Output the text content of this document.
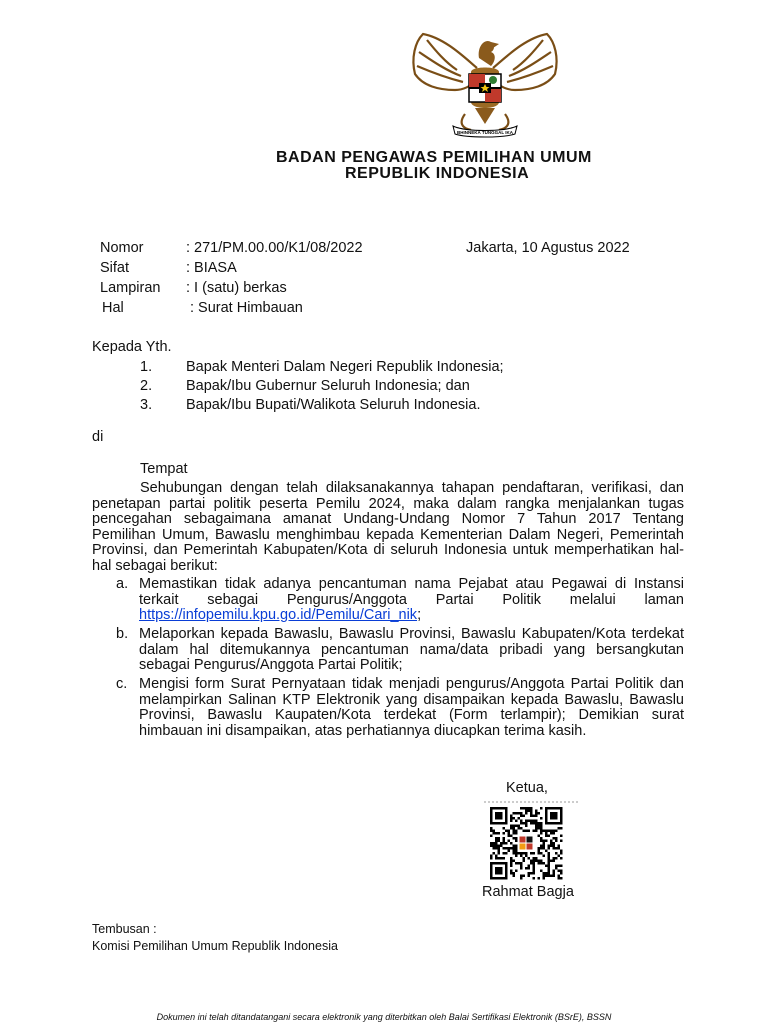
BHINNEKA TUNGGAL IKA
BADAN PENGAWAS PEMILIHAN UMUM
REPUBLIK INDONESIA
Nomor	: 271/PM.00.00/K1/08/2022	Jakarta, 10 Agustus 2022
Sifat	: BIASA
Lampiran : I (satu) berkas
Hal	: Surat Himbauan
Kepada Yth.
1. Bapak Menteri Dalam Negeri Republik Indonesia;
2. Bapak/Ibu Gubernur Seluruh Indonesia; dan
3. Bapak/Ibu Bupati/Walikota Seluruh Indonesia.
di
Tempat
Sehubungan dengan telah dilaksanakannya tahapan pendaftaran, verifikasi, dan penetapan partai politik peserta Pemilu 2024, maka dalam rangka menjalankan tugas pencegahan sebagaimana amanat Undang-Undang Nomor 7 Tahun 2017 Tentang Pemilihan Umum, Bawaslu menghimbau kepada Kementerian Dalam Negeri, Pemerintah Provinsi, dan Pemerintah Kabupaten/Kota di seluruh Indonesia untuk memperhatikan hal-hal sebagai berikut:
a. Memastikan tidak adanya pencantuman nama Pejabat atau Pegawai di Instansi terkait sebagai Pengurus/Anggota Partai Politik melalui laman https://infopemilu.kpu.go.id/Pemilu/Cari_nik;
b. Melaporkan kepada Bawaslu, Bawaslu Provinsi, Bawaslu Kabupaten/Kota terdekat dalam hal ditemukannya pencantuman nama/data pribadi yang bersangkutan sebagai Pengurus/Anggota Partai Politik;
c. Mengisi form Surat Pernyataan tidak menjadi pengurus/Anggota Partai Politik dan melampirkan Salinan KTP Elektronik yang disampaikan kepada Bawaslu, Bawaslu Provinsi, Bawaslu Kaupaten/Kota terdekat (Form terlampir); Demikian surat himbauan ini disampaikan, atas perhatiannya diucapkan terima kasih.
Ketua,
Rahmat Bagja
Tembusan :
Komisi Pemilihan Umum Republik Indonesia
Dokumen ini telah ditandatangani secara elektronik yang diterbitkan oleh Balai Sertifikasi Elektronik (BSrE), BSSN
